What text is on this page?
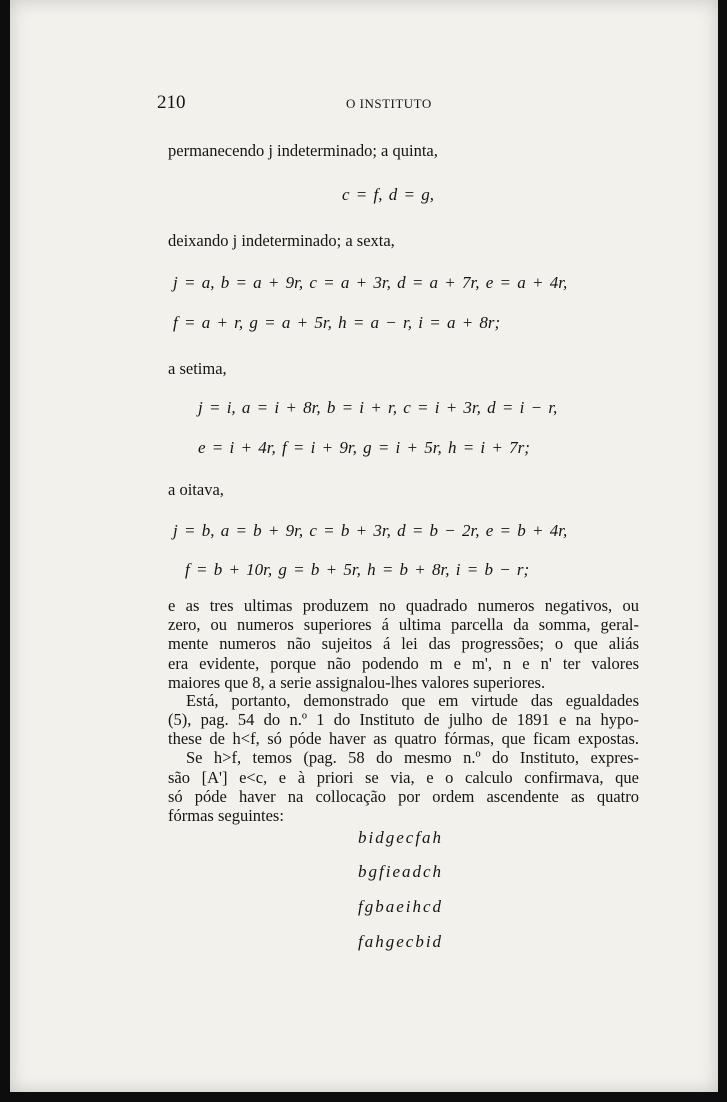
210	O INSTITUTO
permanecendo j indeterminado; a quinta,
c = f, d = g,
deixando j indeterminado; a sexta,
j = a, b = a + 9r, c = a + 3r, d = a + 7r, e = a + 4r,
f = a + r, g = a + 5r, h = a − r, i = a + 8r;
a setima,
j = i, a = i + 8r, b = i + r, c = i + 3r, d = i − r,
e = i + 4r, f = i + 9r, g = i + 5r, h = i + 7r;
a oitava,
j = b, a = b + 9r, c = b + 3r, d = b − 2r, e = b + 4r,
f = b + 10r, g = b + 5r, h = b + 8r, i = b − r;
e as tres ultimas produzem no quadrado numeros negativos, ou
zero, ou numeros superiores á ultima parcella da somma, geral-
mente numeros não sujeitos á lei das progressões; o que aliás
era evidente, porque não podendo m e m', n e n' ter valores
maiores que 8, a serie assignalou-lhes valores superiores.
Está, portanto, demonstrado que em virtude das egualdades
(5), pag. 54 do n.º 1 do Instituto de julho de 1891 e na hypo-
these de h<f, só póde haver as quatro fórmas, que ficam expostas.
Se h>f, temos (pag. 58 do mesmo n.º do Instituto, expres-
são [A'] e<c, e à priori se via, e o calculo confirmava, que
só póde haver na collocação por ordem ascendente as quatro
fórmas seguintes:
bidgecfah
bgfieadch
fgbaeihcd
fahgecbid
